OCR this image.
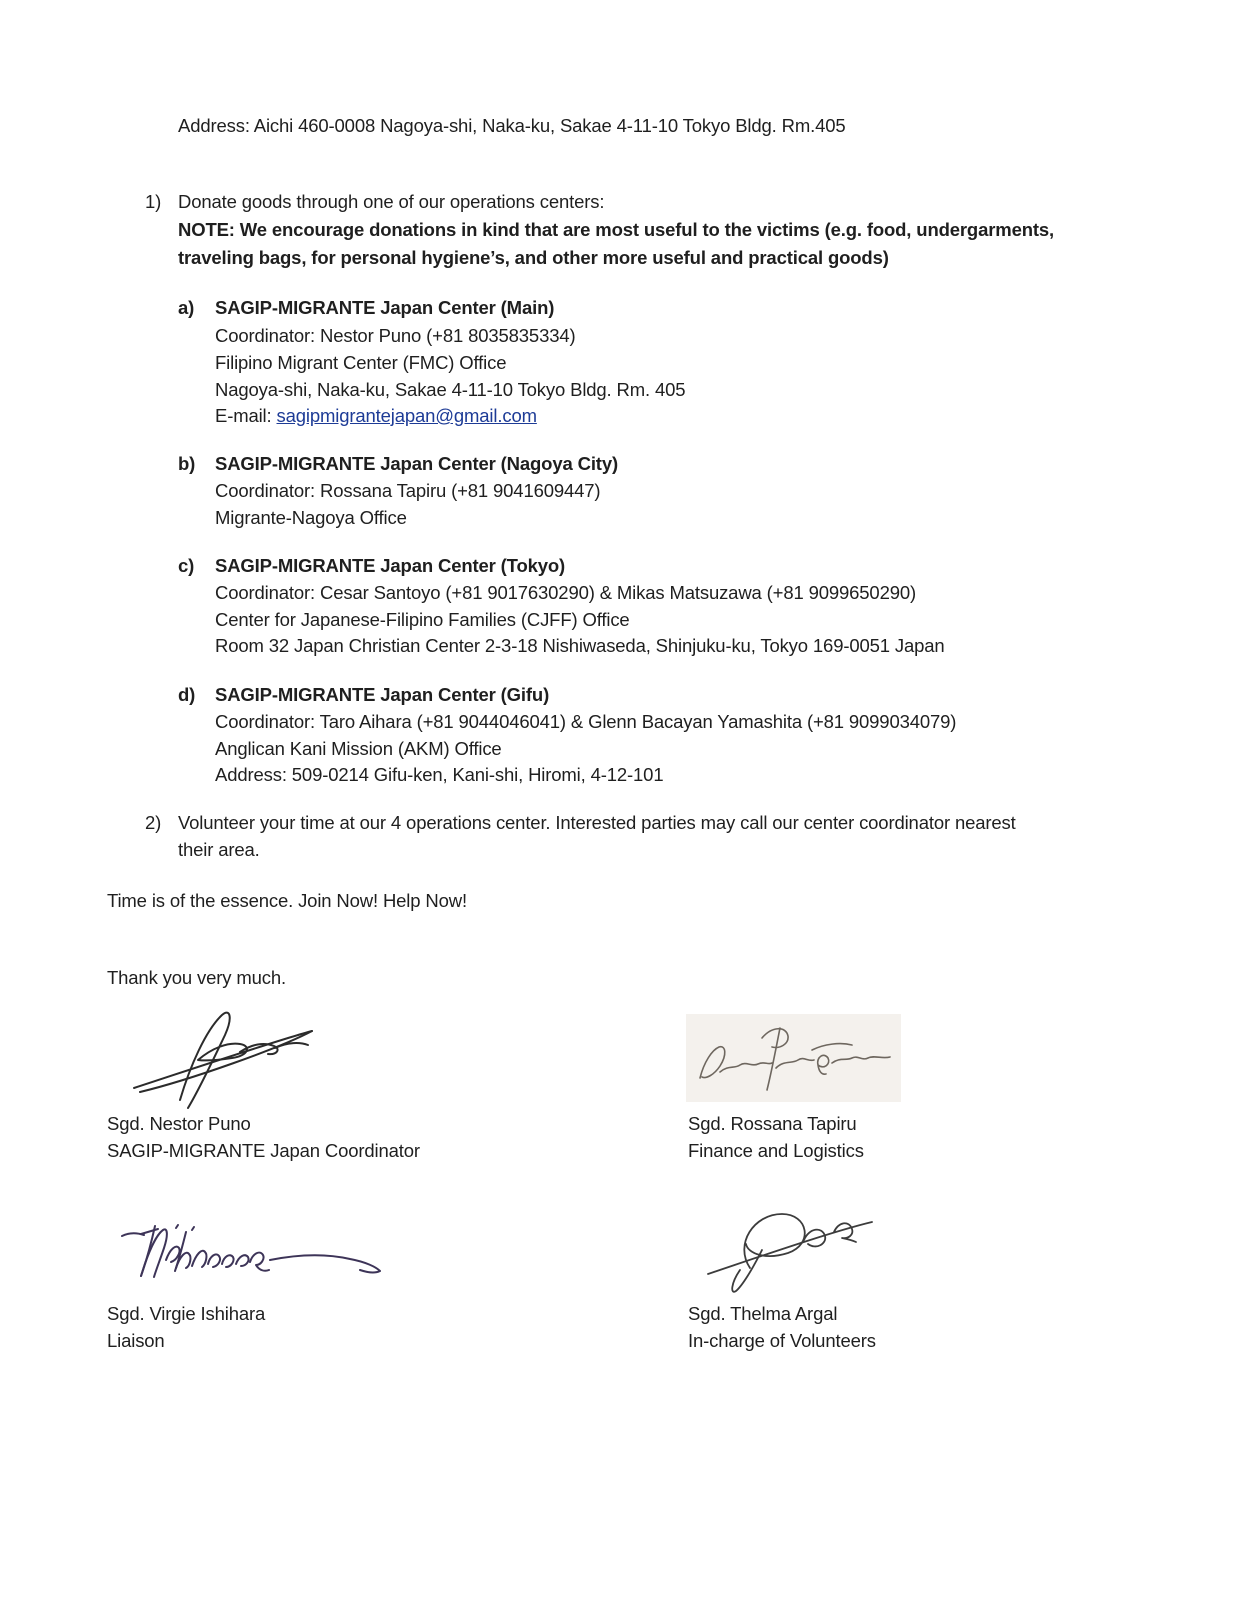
Address: Aichi 460-0008 Nagoya-shi, Naka-ku, Sakae 4-11-10 Tokyo Bldg. Rm.405
1) Donate goods through one of our operations centers:
NOTE: We encourage donations in kind that are most useful to the victims (e.g. food, undergarments,
traveling bags, for personal hygiene’s, and other more useful and practical goods)
a) SAGIP-MIGRANTE Japan Center (Main)
Coordinator: Nestor Puno (+81 8035835334)
Filipino Migrant Center (FMC) Office
Nagoya-shi, Naka-ku, Sakae 4-11-10 Tokyo Bldg. Rm. 405
E-mail: sagipmigrantejapan@gmail.com
b) SAGIP-MIGRANTE Japan Center (Nagoya City)
Coordinator: Rossana Tapiru (+81 9041609447)
Migrante-Nagoya Office
c) SAGIP-MIGRANTE Japan Center (Tokyo)
Coordinator: Cesar Santoyo (+81 9017630290) & Mikas Matsuzawa (+81 9099650290)
Center for Japanese-Filipino Families (CJFF) Office
Room 32 Japan Christian Center 2-3-18 Nishiwaseda, Shinjuku-ku, Tokyo 169-0051 Japan
d) SAGIP-MIGRANTE Japan Center (Gifu)
Coordinator: Taro Aihara (+81 9044046041) & Glenn Bacayan Yamashita (+81 9099034079)
Anglican Kani Mission (AKM) Office
Address: 509-0214 Gifu-ken, Kani-shi, Hiromi, 4-12-101
2) Volunteer your time at our 4 operations center. Interested parties may call our center coordinator nearest
their area.
Time is of the essence. Join Now! Help Now!
Thank you very much.
Sgd. Nestor Puno
SAGIP-MIGRANTE Japan Coordinator
Sgd. Rossana Tapiru
Finance and Logistics
Sgd. Virgie Ishihara
Liaison
Sgd. Thelma Argal
In-charge of Volunteers
